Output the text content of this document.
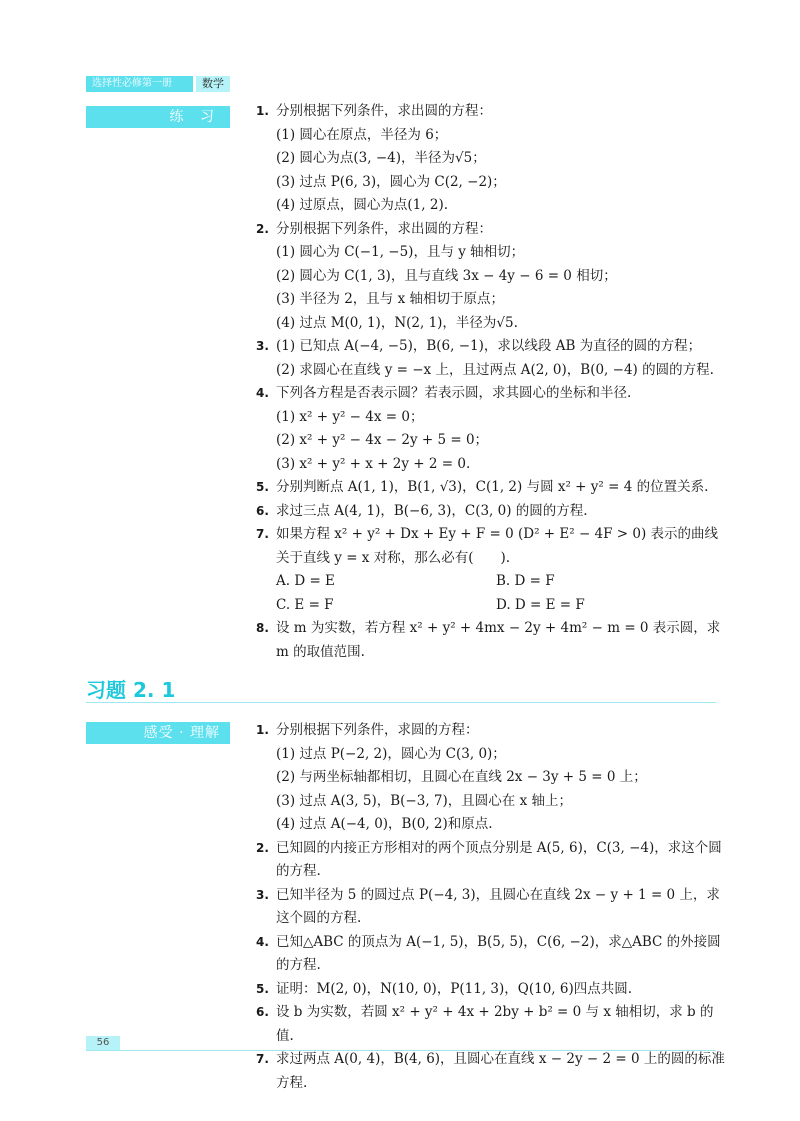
选择性必修第一册	数学
练 习	1. 分别根据下列条件，求出圆的方程：
(1) 圆心在原点，半径为 6；
(2) 圆心为点(3, −4)，半径为√5；
(3) 过点 P(6, 3)，圆心为 C(2, −2)；
(4) 过原点，圆心为点(1, 2).
2. 分别根据下列条件，求出圆的方程：
(1) 圆心为 C(−1, −5)，且与 y 轴相切；
(2) 圆心为 C(1, 3)，且与直线 3x − 4y − 6 = 0 相切；
(3) 半径为 2，且与 x 轴相切于原点；
(4) 过点 M(0, 1)，N(2, 1)，半径为√5.
3. (1) 已知点 A(−4, −5)，B(6, −1)，求以线段 AB 为直径的圆的方程；
(2) 求圆心在直线 y = −x 上，且过两点 A(2, 0)，B(0, −4) 的圆的方程.
4. 下列各方程是否表示圆？若表示圆，求其圆心的坐标和半径.
(1) x² + y² − 4x = 0；
(2) x² + y² − 4x − 2y + 5 = 0；
(3) x² + y² + x + 2y + 2 = 0.
5. 分别判断点 A(1, 1)，B(1, √3)，C(1, 2) 与圆 x² + y² = 4 的位置关系.
6. 求过三点 A(4, 1)，B(−6, 3)，C(3, 0) 的圆的方程.
7. 如果方程 x² + y² + Dx + Ey + F = 0 (D² + E² − 4F > 0) 表示的曲线关于直线 y = x 对称，那么必有(　　).
A. D = E	B. D = F
C. E = F	D. D = E = F
8. 设 m 为实数，若方程 x² + y² + 4mx − 2y + 4m² − m = 0 表示圆，求 m 的取值范围.
习题 2. 1
感受 · 理解	1. 分别根据下列条件，求圆的方程：
(1) 过点 P(−2, 2)，圆心为 C(3, 0)；
(2) 与两坐标轴都相切，且圆心在直线 2x − 3y + 5 = 0 上；
(3) 过点 A(3, 5)，B(−3, 7)，且圆心在 x 轴上；
(4) 过点 A(−4, 0)，B(0, 2)和原点.
2. 已知圆的内接正方形相对的两个顶点分别是 A(5, 6)，C(3, −4)，求这个圆的方程.
3. 已知半径为 5 的圆过点 P(−4, 3)，且圆心在直线 2x − y + 1 = 0 上，求这个圆的方程.
4. 已知△ABC 的顶点为 A(−1, 5)，B(5, 5)，C(6, −2)，求△ABC 的外接圆的方程.
5. 证明：M(2, 0)，N(10, 0)，P(11, 3)，Q(10, 6)四点共圆.
6. 设 b 为实数，若圆 x² + y² + 4x + 2by + b² = 0 与 x 轴相切，求 b 的值.
7. 求过两点 A(0, 4)，B(4, 6)，且圆心在直线 x − 2y − 2 = 0 上的圆的标准方程.
56
